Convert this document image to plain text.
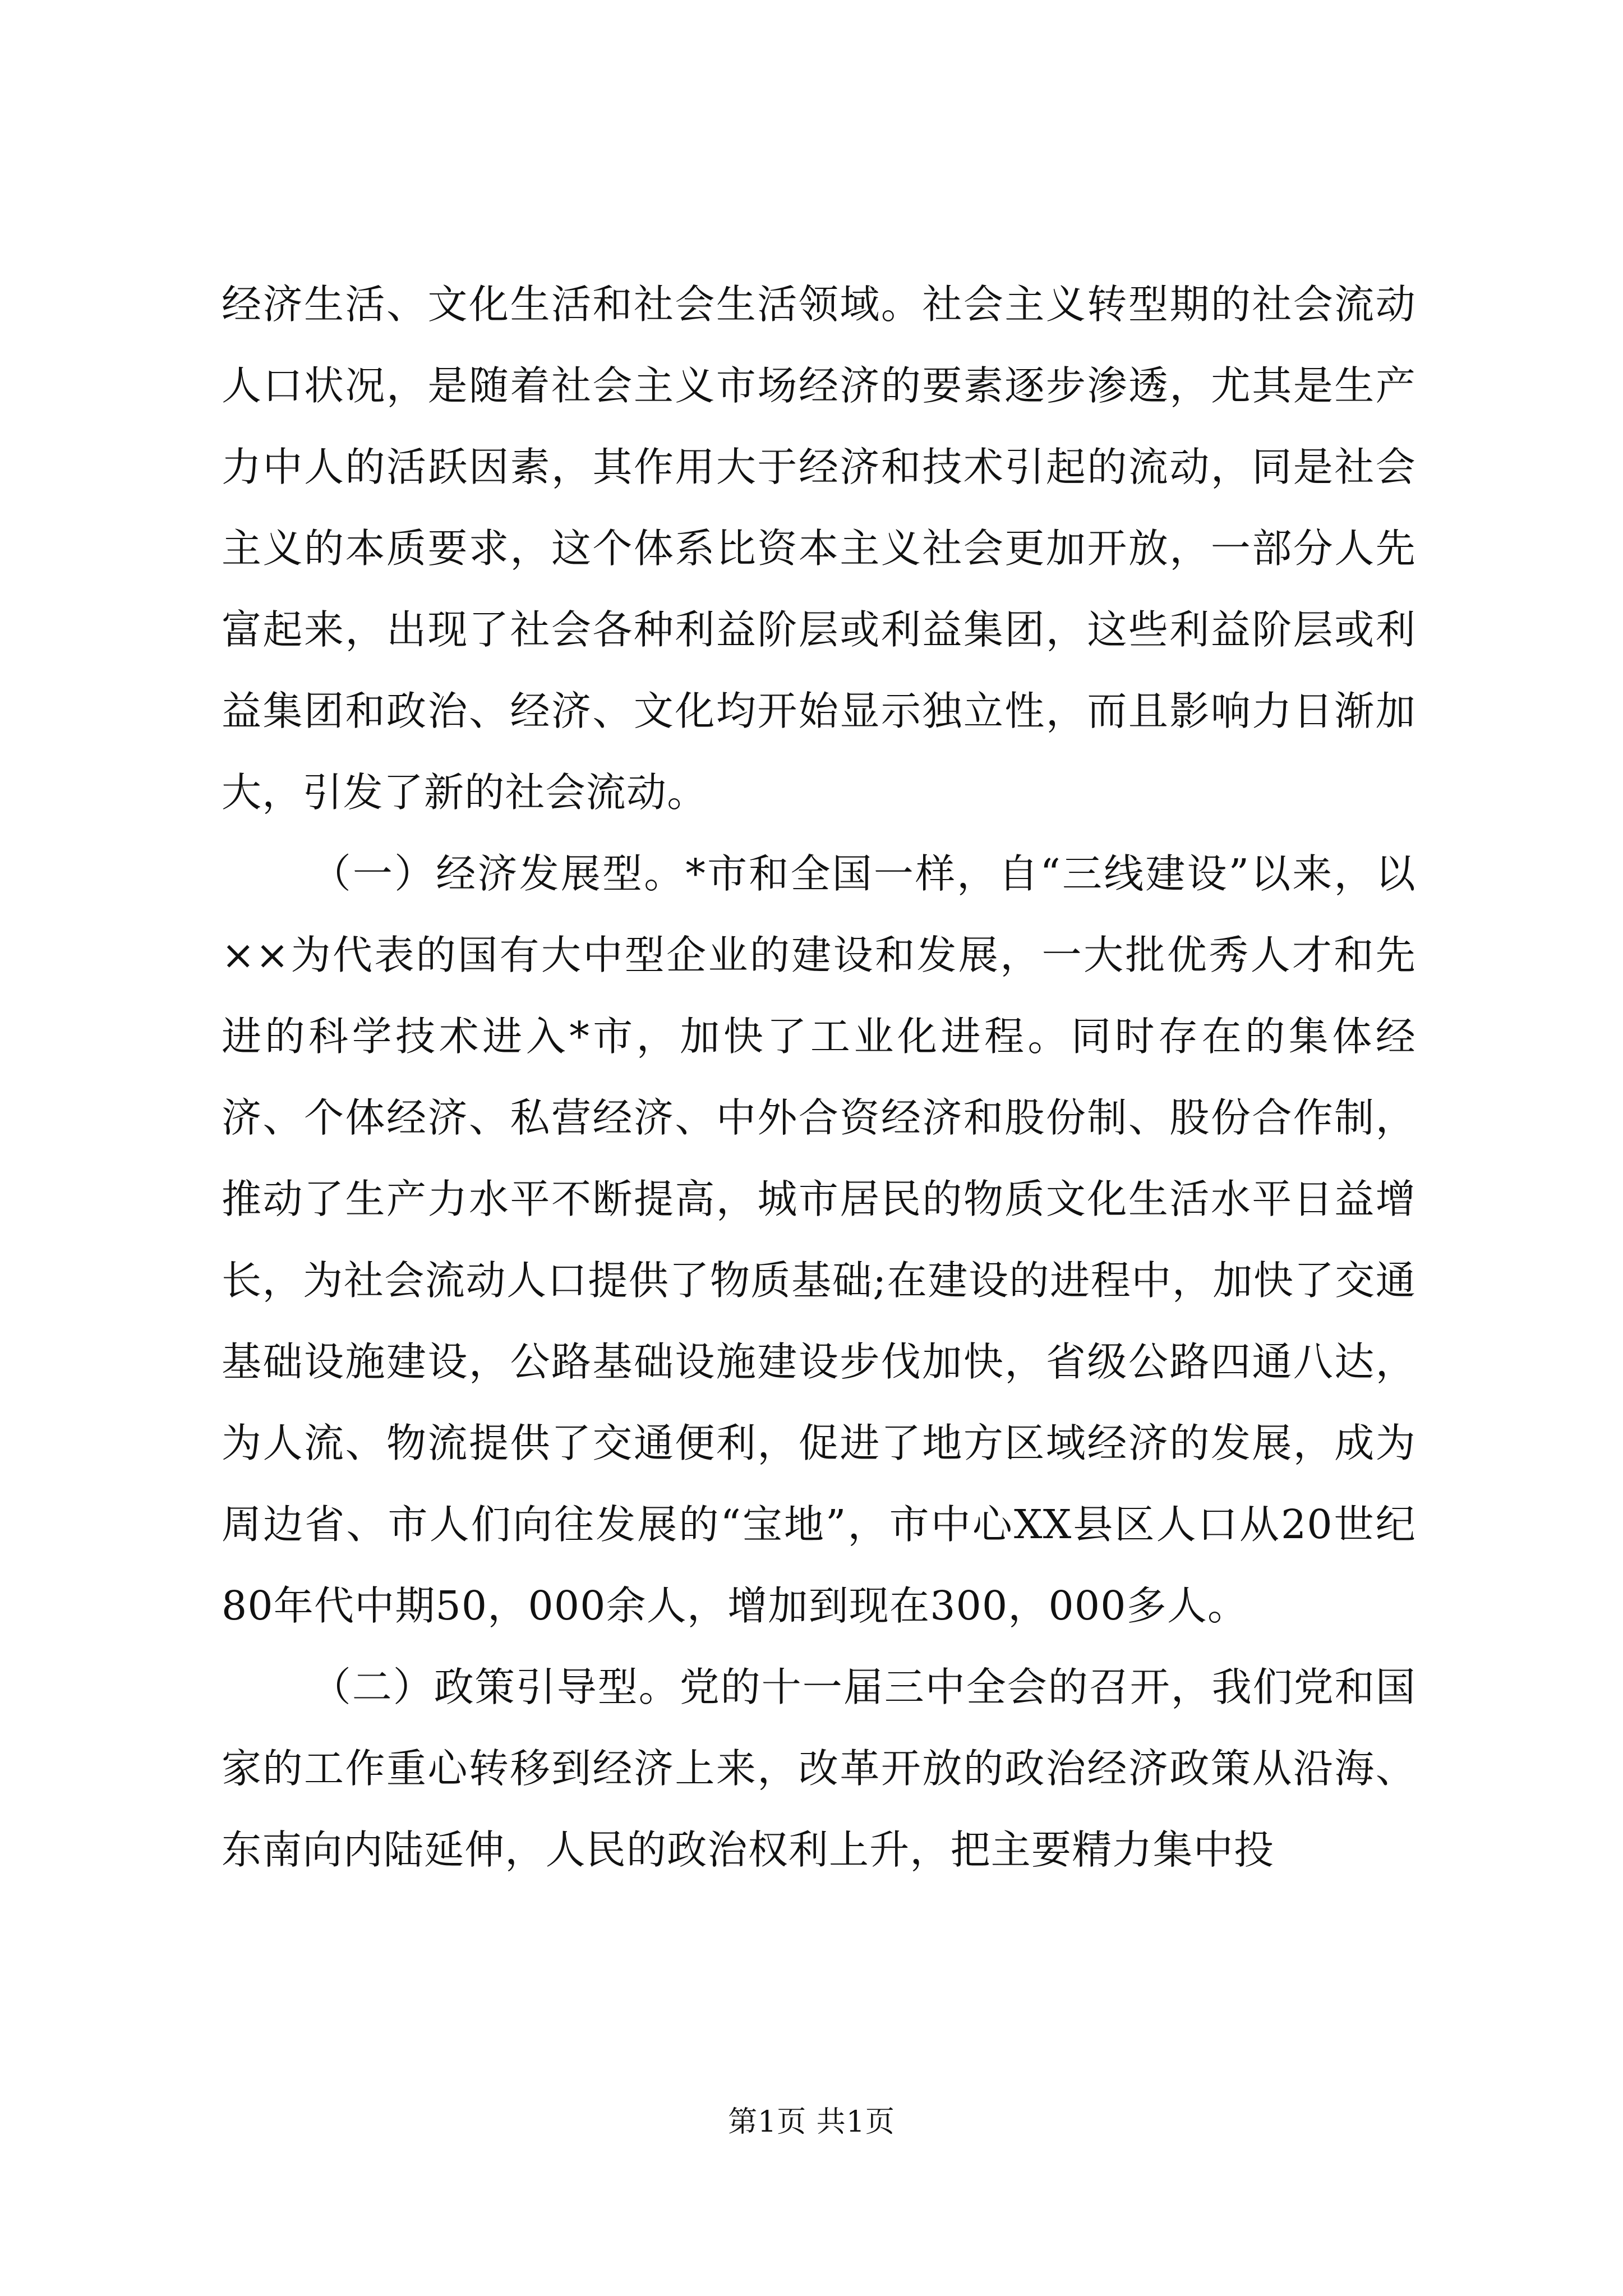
经济生活、文化生活和社会生活领域。社会主义转型期的社会流动人口状况，是随着社会主义市场经济的要素逐步渗透，尤其是生产力中人的活跃因素，其作用大于经济和技术引起的流动，同是社会主义的本质要求，这个体系比资本主义社会更加开放，一部分人先富起来，出现了社会各种利益阶层或利益集团，这些利益阶层或利益集团和政治、经济、文化均开始显示独立性，而且影响力日渐加大，引发了新的社会流动。

（一）经济发展型。*市和全国一样，自“三线建设”以来，以××为代表的国有大中型企业的建设和发展，一大批优秀人才和先进的科学技术进入*市，加快了工业化进程。同时存在的集体经济、个体经济、私营经济、中外合资经济和股份制、股份合作制，推动了生产力水平不断提高，城市居民的物质文化生活水平日益增长，为社会流动人口提供了物质基础;在建设的进程中，加快了交通基础设施建设，公路基础设施建设步伐加快，省级公路四通八达，为人流、物流提供了交通便利，促进了地方区域经济的发展，成为周边省、市人们向往发展的“宝地”，市中心XX县区人口从20世纪80年代中期50，000余人，增加到现在300，000多人。

（二）政策引导型。党的十一届三中全会的召开，我们党和国家的工作重心转移到经济上来，改革开放的政治经济政策从沿海、东南向内陆延伸，人民的政治权利上升，把主要精力集中投

第1页 共1页
